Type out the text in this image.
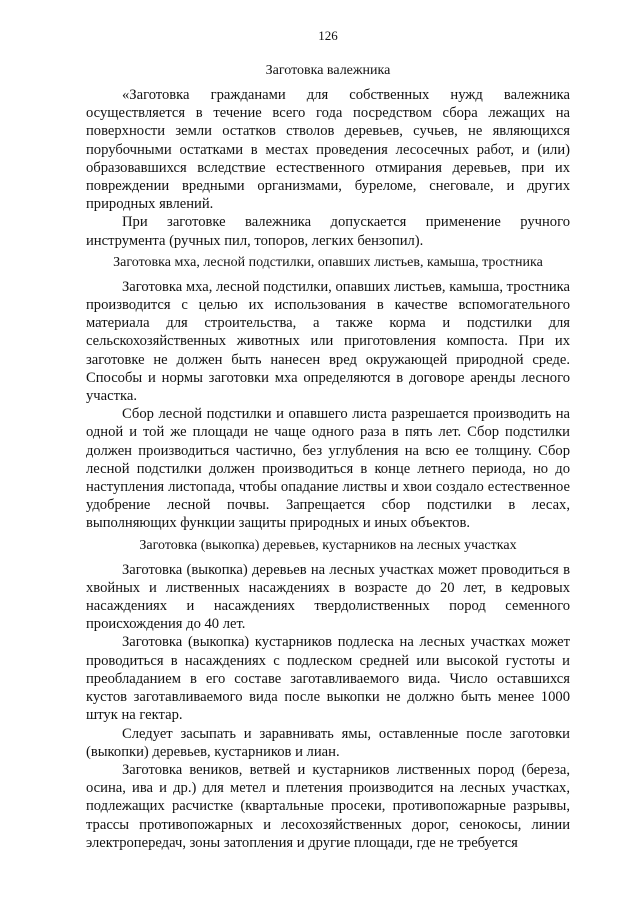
126
Заготовка валежника

«Заготовка гражданами для собственных нужд валежника осуществляется в течение всего года посредством сбора лежащих на поверхности земли остатков стволов деревьев, сучьев, не являющихся порубочными остатками в местах проведения лесосечных работ, и (или) образовавшихся вследствие естественного отмирания деревьев, при их повреждении вредными организмами, буреломе, снеговале, и других природных явлений.

При заготовке валежника допускается применение ручного инструмента (ручных пил, топоров, легких бензопил).

Заготовка мха, лесной подстилки, опавших листьев, камыша, тростника

Заготовка мха, лесной подстилки, опавших листьев, камыша, тростника производится с целью их использования в качестве вспомогательного материала для строительства, а также корма и подстилки для сельскохозяйственных животных или приготовления компоста. При их заготовке не должен быть нанесен вред окружающей природной среде. Способы и нормы заготовки мха определяются в договоре аренды лесного участка.

Сбор лесной подстилки и опавшего листа разрешается производить на одной и той же площади не чаще одного раза в пять лет. Сбор подстилки должен производиться частично, без углубления на всю ее толщину. Сбор лесной подстилки должен производиться в конце летнего периода, но до наступления листопада, чтобы опадание листвы и хвои создало естественное удобрение лесной почвы. Запрещается сбор подстилки в лесах, выполняющих функции защиты природных и иных объектов.

Заготовка (выкопка) деревьев, кустарников на лесных участках

Заготовка (выкопка) деревьев на лесных участках может проводиться в хвойных и лиственных насаждениях в возрасте до 20 лет, в кедровых насаждениях и насаждениях твердолиственных пород семенного происхождения до 40 лет.

Заготовка (выкопка) кустарников подлеска на лесных участках может проводиться в насаждениях с подлеском средней или высокой густоты и преобладанием в его составе заготавливаемого вида. Число оставшихся кустов заготавливаемого вида после выкопки не должно быть менее 1000 штук на гектар.

Следует засыпать и заравнивать ямы, оставленные после заготовки (выкопки) деревьев, кустарников и лиан.

Заготовка веников, ветвей и кустарников лиственных пород (береза, осина, ива и др.) для метел и плетения производится на лесных участках, подлежащих расчистке (квартальные просеки, противопожарные разрывы, трассы противопожарных и лесохозяйственных дорог, сенокосы, линии электропередач, зоны затопления и другие площади, где не требуется
